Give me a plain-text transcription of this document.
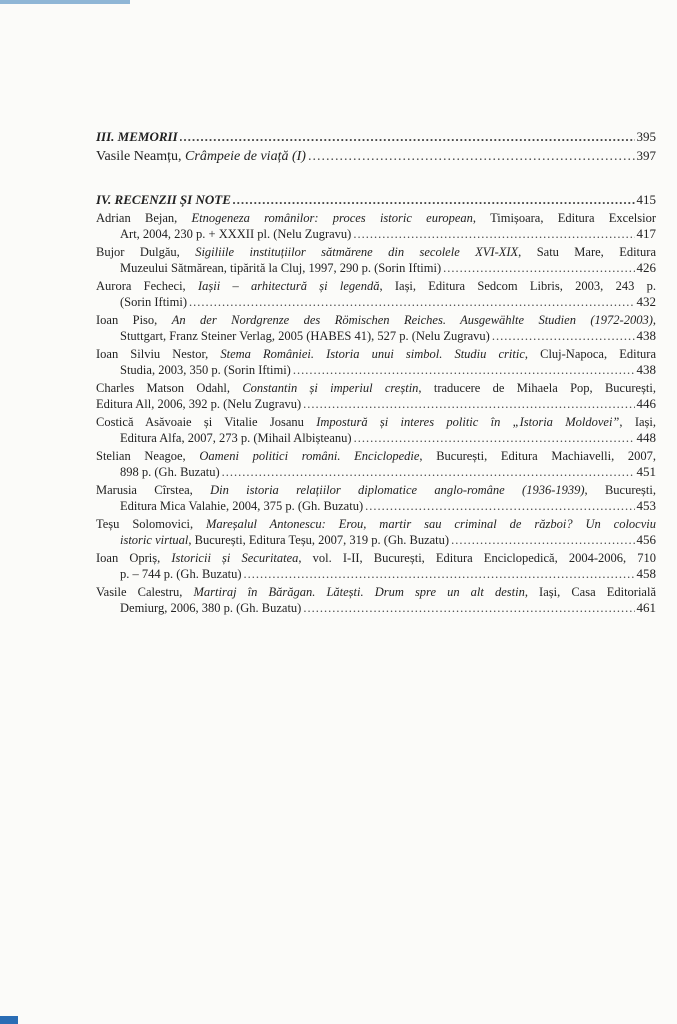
III. MEMORII .....	395
Vasile Neamțu, Crâmpeie de viață (I) .....	397
IV. RECENZII ȘI NOTE .....	415
Adrian Bejan, Etnogeneza românilor: proces istoric european, Timișoara, Editura Excelsior
Art, 2004, 230 p. + XXXII pl. (Nelu Zugravu) .....	417
Bujor Dulgău, Sigiliile instituțiilor sătmărene din secolele XVI-XIX, Satu Mare, Editura
Muzeului Sătmărean, tipărită la Cluj, 1997, 290 p. (Sorin Iftimi) .....	426
Aurora Fecheci, Iașii – arhitectură și legendă, Iași, Editura Sedcom Libris, 2003, 243 p.
(Sorin Iftimi) .....	432
Ioan Piso, An der Nordgrenze des Römischen Reiches. Ausgewählte Studien (1972-2003),
Stuttgart, Franz Steiner Verlag, 2005 (HABES 41), 527 p. (Nelu Zugravu) .....	438
Ioan Silviu Nestor, Stema României. Istoria unui simbol. Studiu critic, Cluj-Napoca, Editura
Studia, 2003, 350 p. (Sorin Iftimi) .....	438
Charles Matson Odahl, Constantin și imperiul creștin, traducere de Mihaela Pop, București,
Editura All, 2006, 392 p. (Nelu Zugravu) .....	446
Costică Asăvoaie și Vitalie Josanu Impostură și interes politic în „Istoria Moldovei”, Iași,
Editura Alfa, 2007, 273 p. (Mihail Albișteanu) .....	448
Stelian Neagoe, Oameni politici români. Enciclopedie, București, Editura Machiavelli, 2007,
898 p. (Gh. Buzatu) .....	451
Marusia Cîrstea, Din istoria relațiilor diplomatice anglo-române (1936-1939), București,
Editura Mica Valahie, 2004, 375 p. (Gh. Buzatu) .....	453
Teșu Solomovici, Mareșalul Antonescu: Erou, martir sau criminal de război? Un colocviu
istoric virtual, București, Editura Teșu, 2007, 319 p. (Gh. Buzatu) .....	456
Ioan Opriș, Istoricii și Securitatea, vol. I-II, București, Editura Enciclopedică, 2004-2006, 710
p. – 744 p. (Gh. Buzatu) .....	458
Vasile Calestru, Martiraj în Bărăgan. Lătești. Drum spre un alt destin, Iași, Casa Editorială
Demiurg, 2006, 380 p. (Gh. Buzatu) .....	461
